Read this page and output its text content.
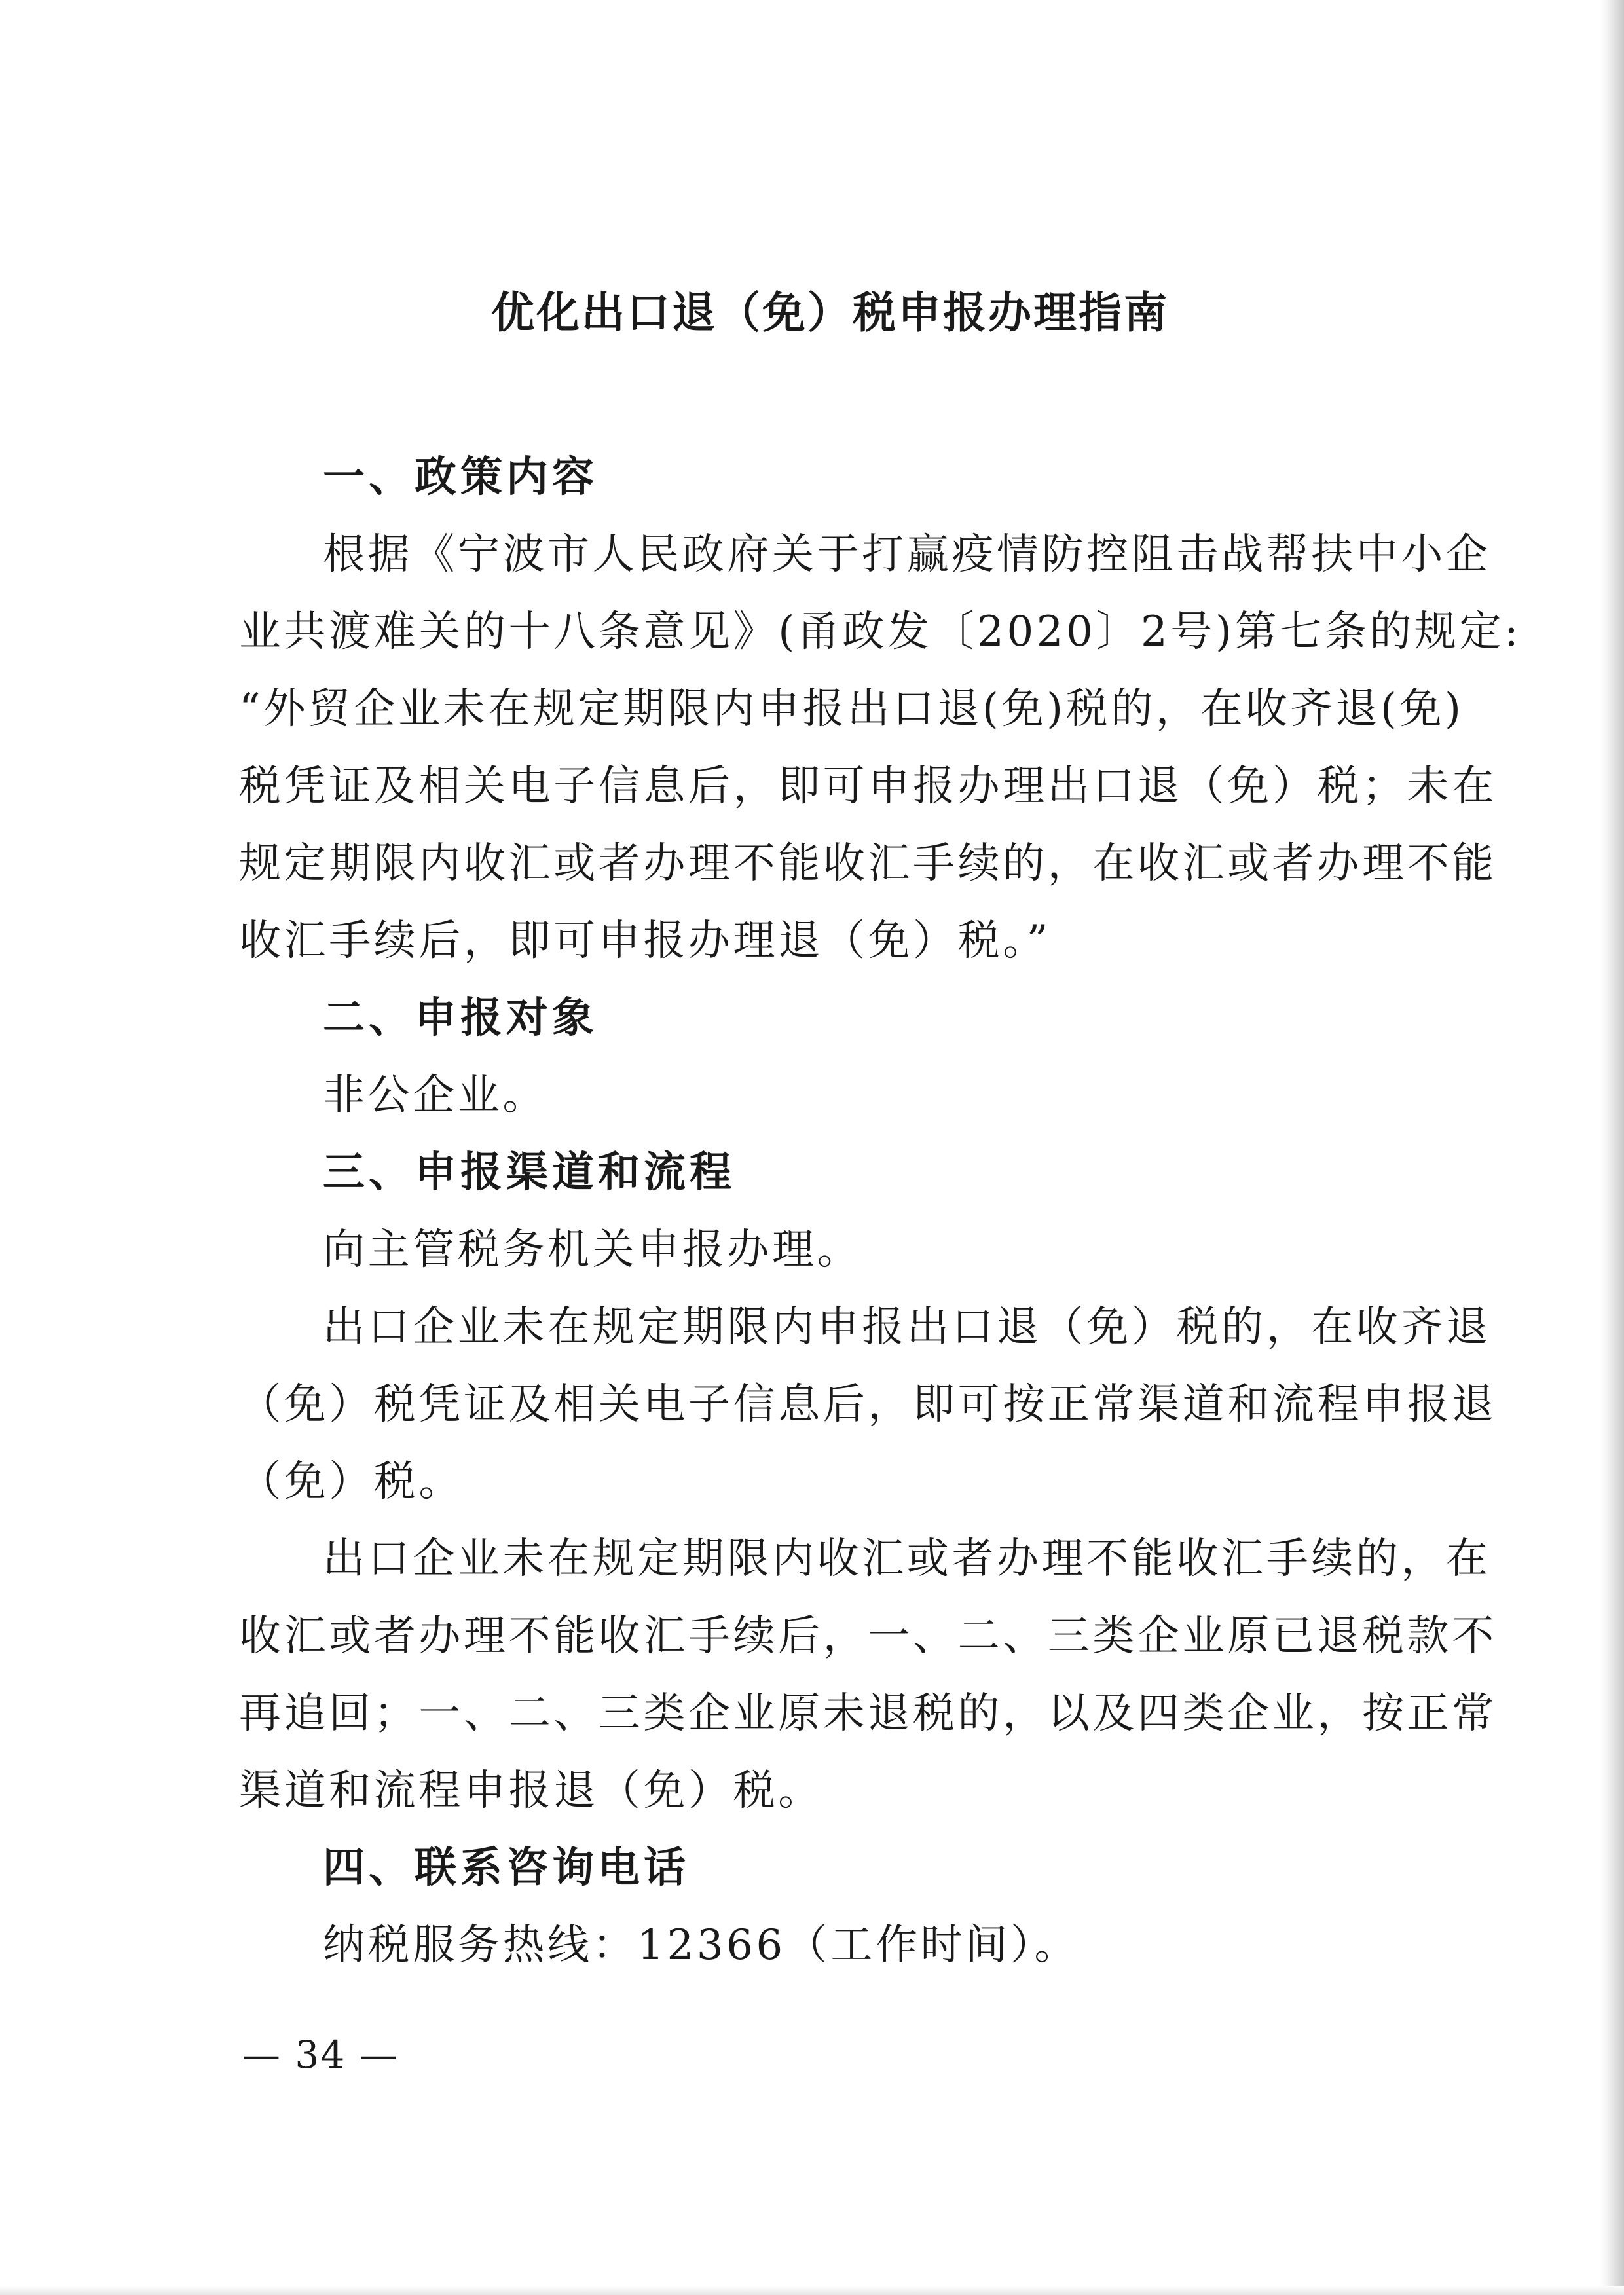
优化出口退（免）税申报办理指南
一、政策内容
根据《宁波市人民政府关于打赢疫情防控阻击战帮扶中小企
业共渡难关的十八条意见》(甬政发〔2020〕2号)第七条的规定:
“外贸企业未在规定期限内申报出口退(免)税的，在收齐退(免)
税凭证及相关电子信息后，即可申报办理出口退（免）税；未在
规定期限内收汇或者办理不能收汇手续的，在收汇或者办理不能
收汇手续后，即可申报办理退（免）税。”
二、申报对象
非公企业。
三、申报渠道和流程
向主管税务机关申报办理。
出口企业未在规定期限内申报出口退（免）税的，在收齐退
（免）税凭证及相关电子信息后，即可按正常渠道和流程申报退
（免）税。
出口企业未在规定期限内收汇或者办理不能收汇手续的，在
收汇或者办理不能收汇手续后，一、二、三类企业原已退税款不
再追回；一、二、三类企业原未退税的，以及四类企业，按正常
渠道和流程申报退（免）税。
四、联系咨询电话
纳税服务热线：12366（工作时间）。
— 34 —
